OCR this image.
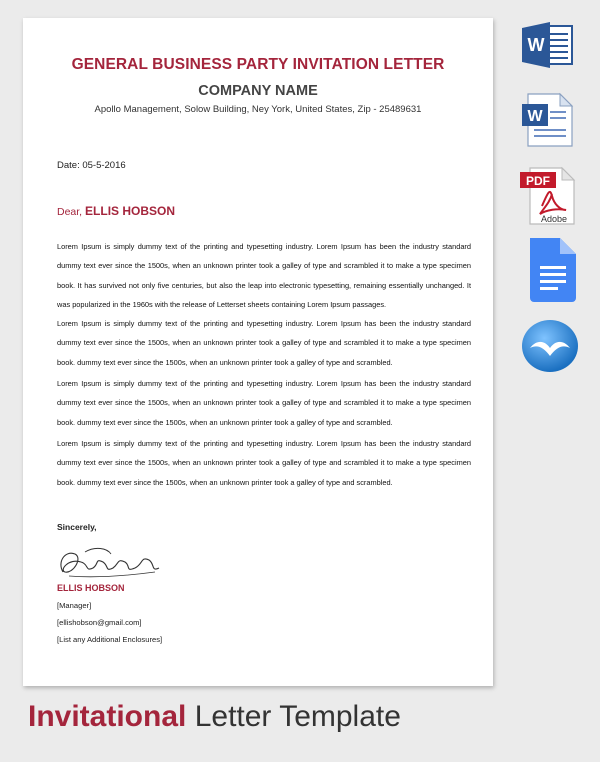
GENERAL BUSINESS PARTY INVITATION LETTER
COMPANY NAME
Apollo Management, Solow Building, Ney York, United States, Zip - 25489631
Date: 05-5-2016
Dear, ELLIS HOBSON
Lorem Ipsum is simply dummy text of the printing and typesetting industry. Lorem Ipsum has been the industry standard dummy text ever since the 1500s, when an unknown printer took a galley of type and scrambled it to make a type specimen book. It has survived not only five centuries, but also the leap into electronic typesetting, remaining essentially unchanged. It was popularized in the 1960s with the release of Letterset sheets containing Lorem Ipsum passages.
Lorem Ipsum is simply dummy text of the printing and typesetting industry. Lorem Ipsum has been the industry standard dummy text ever since the 1500s, when an unknown printer took a galley of type and scrambled it to make a type specimen book. dummy text ever since the 1500s, when an unknown printer took a galley of type and scrambled.
Lorem Ipsum is simply dummy text of the printing and typesetting industry. Lorem Ipsum has been the industry standard dummy text ever since the 1500s, when an unknown printer took a galley of type and scrambled it to make a type specimen book. dummy text ever since the 1500s, when an unknown printer took a galley of type and scrambled.
Lorem Ipsum is simply dummy text of the printing and typesetting industry. Lorem Ipsum has been the industry standard dummy text ever since the 1500s, when an unknown printer took a galley of type and scrambled it to make a type specimen book. dummy text ever since the 1500s, when an unknown printer took a galley of type and scrambled.
Sincerely,
ELLIS HOBSON
[Manager]
[ellishobson@gmail.com]
[List any Additional Enclosures]
W
W
PDF
Adobe
Invitational Letter Template
